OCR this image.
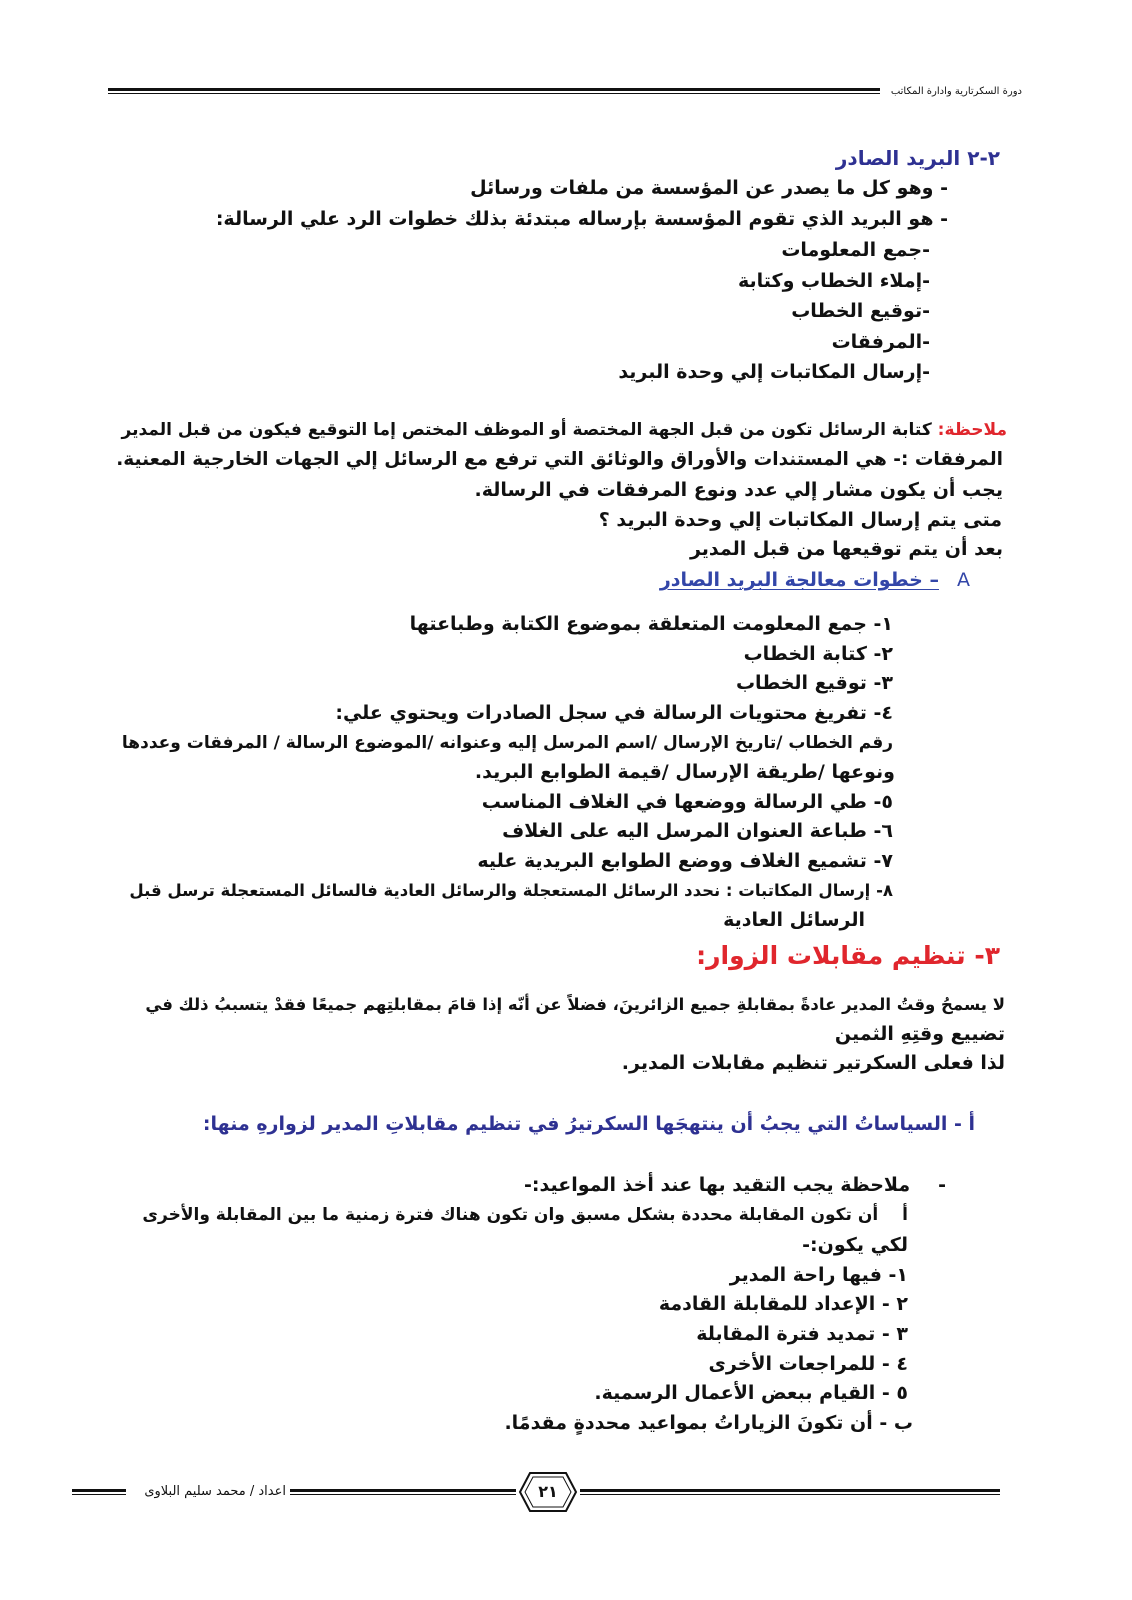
دورة السكرتارية وادارة المكاتب
٢-٢ البريد الصادر
- وهو كل ما يصدر عن المؤسسة من ملفات ورسائل
- هو البريد الذي تقوم المؤسسة بإرساله مبتدئة بذلك خطوات الرد علي الرسالة:
-جمع المعلومات
-إملاء الخطاب وكتابة
-توقيع الخطاب
-المرفقات
-إرسال المكاتبات إلي وحدة البريد
ملاحظة: كتابة الرسائل تكون من قبل الجهة المختصة أو الموظف المختص إما التوقيع فيكون من قبل المدير
المرفقات :- هي المستندات والأوراق والوثائق التي ترفع مع الرسائل إلي الجهات الخارجية المعنية.
يجب أن يكون مشار إلي عدد ونوع المرفقات في الرسالة.
متى يتم إرسال المكاتبات إلي وحدة البريد ؟
بعد أن يتم توقيعها من قبل المدير
A– خطوات معالجة البريد الصادر
١- جمع المعلومت المتعلقة بموضوع الكتابة وطباعتها
٢- كتابة الخطاب
٣- توقيع الخطاب
٤- تفريغ محتويات الرسالة في سجل الصادرات ويحتوي علي:
رقم الخطاب /تاريخ الإرسال /اسم المرسل إليه وعنوانه /الموضوع الرسالة / المرفقات وعددها
ونوعها /طريقة الإرسال /قيمة الطوابع البريد.
٥- طي الرسالة ووضعها في الغلاف المناسب
٦- طباعة العنوان المرسل اليه على الغلاف
٧- تشميع الغلاف ووضع الطوابع البريدية عليه
٨- إرسال المكاتبات : نحدد الرسائل المستعجلة والرسائل العادية فالسائل المستعجلة ترسل قبل
الرسائل العادية
٣- تنظيم مقابلات الزوار:
لا يسمحُ وقتُ المدير عادةً بمقابلةِ جميع الزائرينَ، فضلاً عن أنّه إذا قامَ بمقابلتِهم جميعًا فقدْ يتسببُ ذلك في
تضييع وقتِهِ الثمين
لذا فعلى السكرتير تنظيم مقابلات المدير.
أ - السياساتُ التي يجبُ أن ينتهجَها السكرتيرُ في تنظيم مقابلاتِ المدير لزوارهِ منها:
-ملاحظة يجب التقيد بها عند أخذ المواعيد:-
أأن تكون المقابلة محددة بشكل مسبق وان تكون هناك فترة زمنية ما بين المقابلة والأخرى
لكي يكون:-
١- فيها راحة المدير
٢ - الإعداد للمقابلة القادمة
٣ - تمديد فترة المقابلة
٤ - للمراجعات الأخرى
٥ - القيام ببعض الأعمال الرسمية.
ب - أن تكونَ الزياراتُ بمواعيد محددةٍ مقدمًا.
اعداد / محمد سليم البلاوى	٢١
